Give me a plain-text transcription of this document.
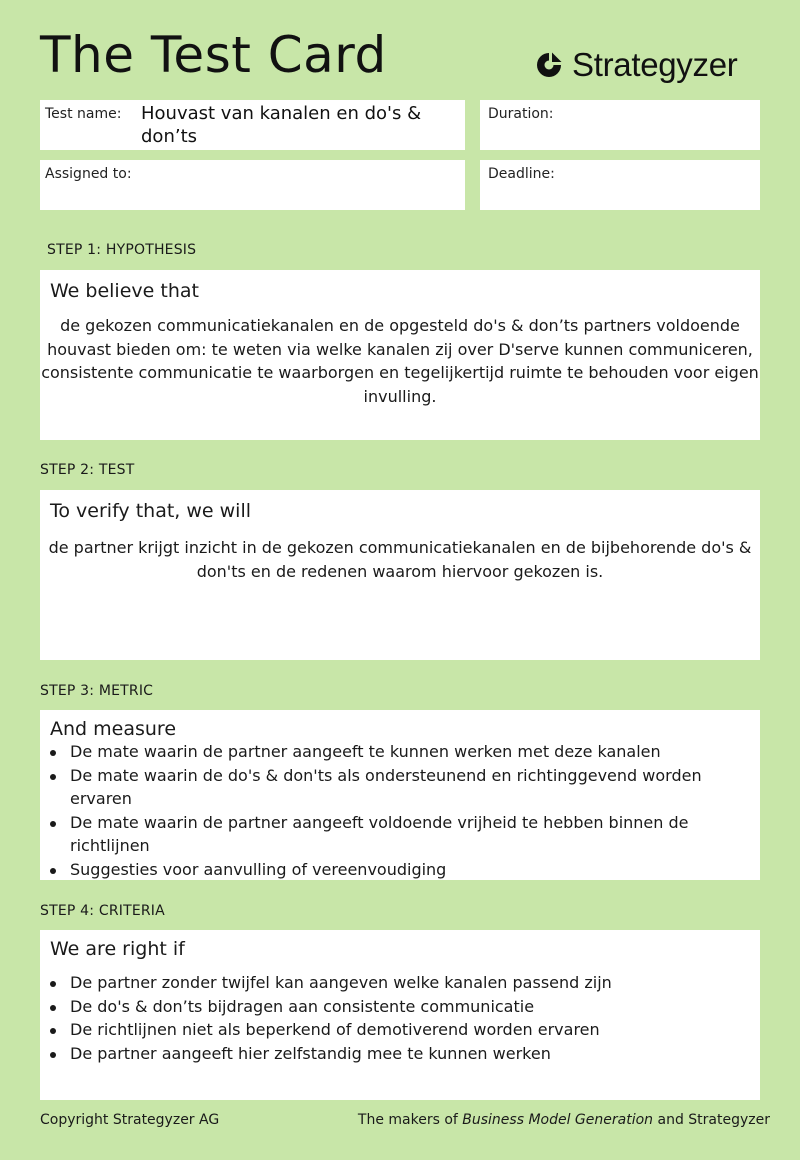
The Test Card	Strategyzer
Test name: Houvast van kanalen en do's & don’ts
Duration:
Assigned to:	Deadline:
STEP 1: HYPOTHESIS
We believe that
de gekozen communicatiekanalen en de opgesteld do's & don’ts partners voldoende houvast bieden om: te weten via welke kanalen zij over D'serve kunnen communiceren, consistente communicatie te waarborgen en tegelijkertijd ruimte te behouden voor eigen invulling.
STEP 2: TEST
To verify that, we will
de partner krijgt inzicht in de gekozen communicatiekanalen en de bijbehorende do's & don'ts en de redenen waarom hiervoor gekozen is.
STEP 3: METRIC
And measure
De mate waarin de partner aangeeft te kunnen werken met deze kanalen
De mate waarin de do's & don'ts als ondersteunend en richtinggevend worden ervaren
De mate waarin de partner aangeeft voldoende vrijheid te hebben binnen de richtlijnen
Suggesties voor aanvulling of vereenvoudiging
STEP 4: CRITERIA
We are right if
De partner zonder twijfel kan aangeven welke kanalen passend zijn
De do's & don’ts bijdragen aan consistente communicatie
De richtlijnen niet als beperkend of demotiverend worden ervaren
De partner aangeeft hier zelfstandig mee te kunnen werken
Copyright Strategyzer AG	The makers of Business Model Generation and Strategyzer
